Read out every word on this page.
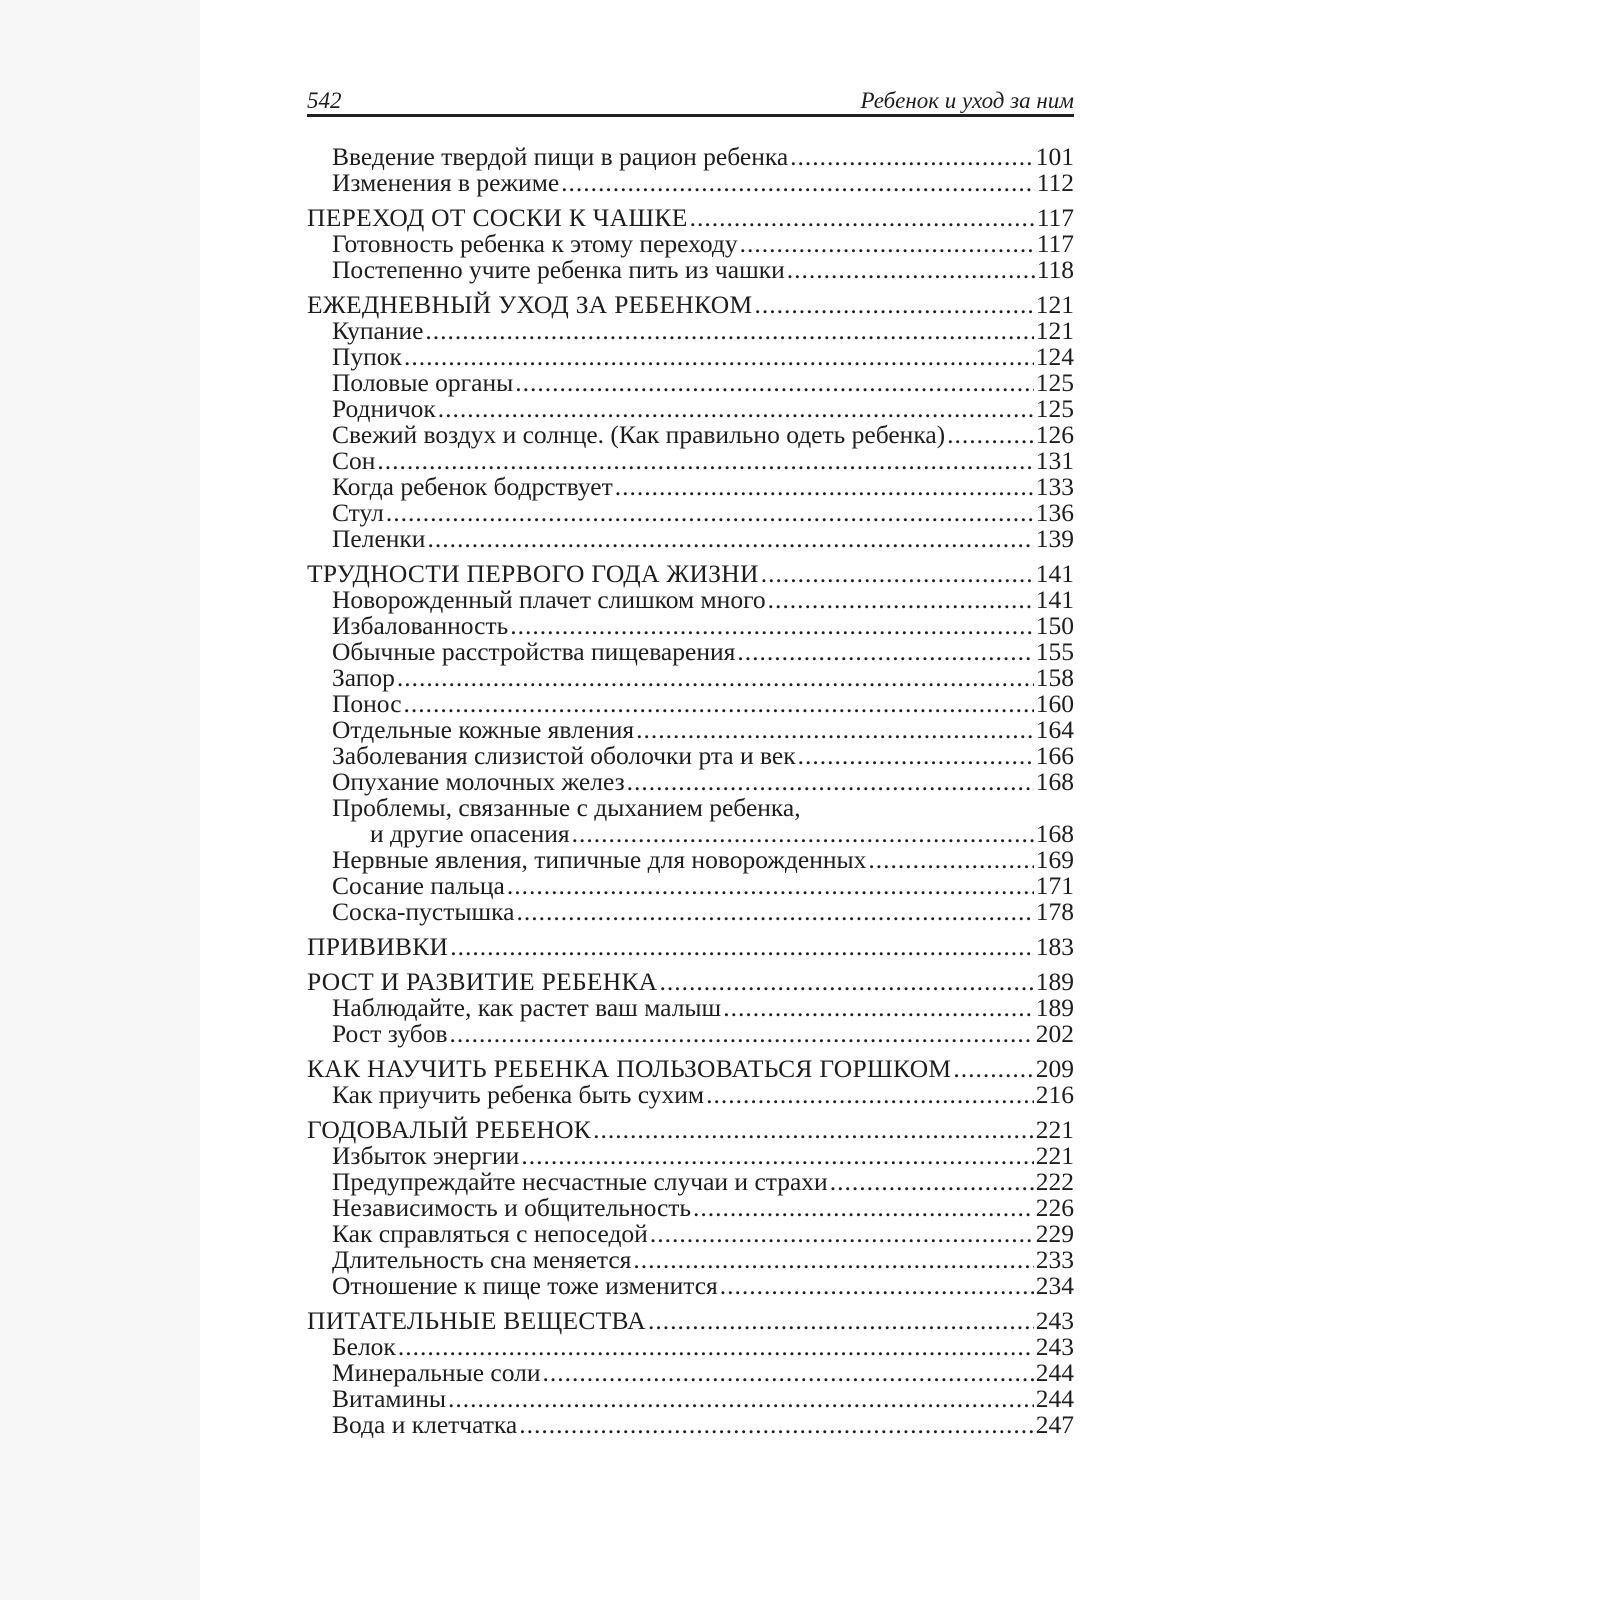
542	Ребенок и уход за ним
Введение твердой пищи в рацион ребенка .....	101
Изменения в режиме .....	112
ПЕРЕХОД ОТ СОСКИ К ЧАШКЕ .....	117
Готовность ребенка к этому переходу .....	117
Постепенно учите ребенка пить из чашки .....	118
ЕЖЕДНЕВНЫЙ УХОД ЗА РЕБЕНКОМ .....	121
Купание .....	121
Пупок .....	124
Половые органы .....	125
Родничок .....	125
Свежий воздух и солнце. (Как правильно одеть ребенка) .....	126
Сон .....	131
Когда ребенок бодрствует .....	133
Стул .....	136
Пеленки .....	139
ТРУДНОСТИ ПЕРВОГО ГОДА ЖИЗНИ .....	141
Новорожденный плачет слишком много .....	141
Избалованность .....	150
Обычные расстройства пищеварения .....	155
Запор .....	158
Понос .....	160
Отдельные кожные явления .....	164
Заболевания слизистой оболочки рта и век .....	166
Опухание молочных желез .....	168
Проблемы, связанные с дыханием ребенка,
и другие опасения .....	168
Нервные явления, типичные для новорожденных .....	169
Сосание пальца .....	171
Соска-пустышка .....	178
ПРИВИВКИ .....	183
РОСТ И РАЗВИТИЕ РЕБЕНКА .....	189
Наблюдайте, как растет ваш малыш .....	189
Рост зубов .....	202
КАК НАУЧИТЬ РЕБЕНКА ПОЛЬЗОВАТЬСЯ ГОРШКОМ .....	209
Как приучить ребенка быть сухим .....	216
ГОДОВАЛЫЙ РЕБЕНОК .....	221
Избыток энергии .....	221
Предупреждайте несчастные случаи и страхи .....	222
Независимость и общительность .....	226
Как справляться с непоседой .....	229
Длительность сна меняется .....	233
Отношение к пище тоже изменится .....	234
ПИТАТЕЛЬНЫЕ ВЕЩЕСТВА .....	243
Белок .....	243
Минеральные соли .....	244
Витамины .....	244
Вода и клетчатка .....	247
